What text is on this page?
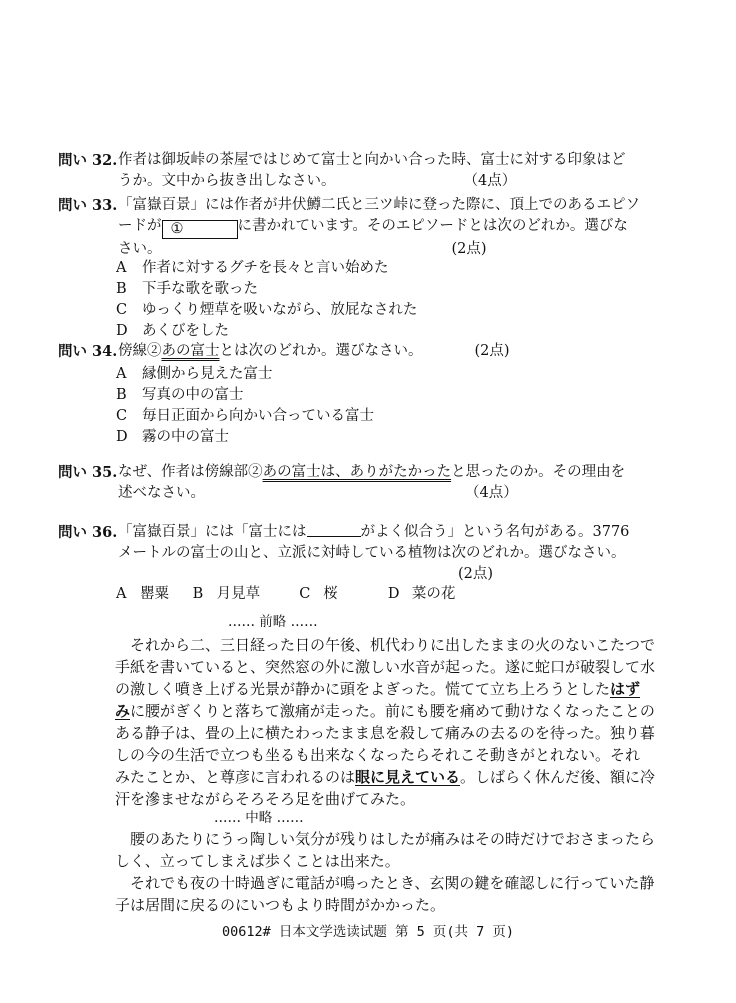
問い 32. 作者は御坂峠の茶屋ではじめて富士と向かい合った時、富士に対する印象はど
うか。文中から抜き出しなさい。	（4点）
問い 33. 「富嶽百景」には作者が井伏鱒二氏と三ツ峠に登った際に、頂上でのあるエピソ
ードが ①	に書かれています。そのエピソードとは次のどれか。選びな
さい。	(2点)
A 作者に対するグチを長々と言い始めた
B 下手な歌を歌った
C ゆっくり煙草を吸いながら、放屁なされた
D あくびをした
問い 34. 傍線②あの富士とは次のどれか。選びなさい。	(2点)
A 縁側から見えた富士
B 写真の中の富士
C 毎日正面から向かい合っている富士
D 霧の中の富士
問い 35. なぜ、作者は傍線部②あの富士は、ありがたかったと思ったのか。その理由を
述べなさい。	（4点）
問い 36. 「富嶽百景」には「富士には	がよく似合う」という名句がある。3776
メートルの富士の山と、立派に対峙している植物は次のどれか。選びなさい。
(2点)
A 罌粟 B 月見草	C 桜	D 菜の花
…… 前略 ……
それから二、三日経った日の午後、机代わりに出したままの火のないこたつで
手紙を書いていると、突然窓の外に激しい水音が起った。遂に蛇口が破裂して水
の激しく噴き上げる光景が静かに頭をよぎった。慌てて立ち上ろうとしたはず
みに腰がぎくりと落ちて激痛が走った。前にも腰を痛めて動けなくなったことの
ある静子は、畳の上に横たわったまま息を殺して痛みの去るのを待った。独り暮
しの今の生活で立つも坐るも出来なくなったらそれこそ動きがとれない。それ
みたことか、と尊彦に言われるのは眼に見えている。しばらく休んだ後、額に冷
汗を滲ませながらそろそろ足を曲げてみた。
…… 中略 ……
腰のあたりにうっ陶しい気分が残りはしたが痛みはその時だけでおさまったら
しく、立ってしまえば歩くことは出来た。
それでも夜の十時過ぎに電話が鳴ったとき、玄関の鍵を確認しに行っていた静
子は居間に戻るのにいつもより時間がかかった。
00612# 日本文学选读试题 第 5 页(共 7 页)
